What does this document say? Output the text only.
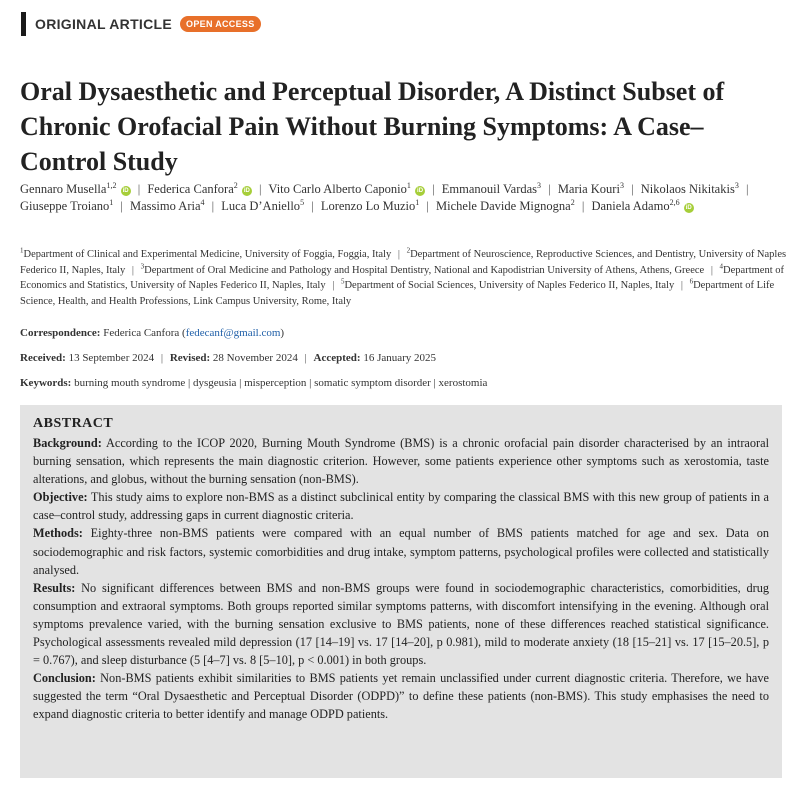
ORIGINAL ARTICLE	OPEN ACCESS
Oral Dysaesthetic and Perceptual Disorder, A Distinct Subset of Chronic Orofacial Pain Without Burning Symptoms: A Case–Control Study
Gennaro Musella$^{1,2}$ iD | Federica Canfora$^2$ iD | Vito Carlo Alberto Caponio$^1$ iD | Emmanouil Vardas$^3$ | Maria Kouri$^3$ | Nikolaos Nikitakis$^3$ | Giuseppe Troiano$^1$ | Massimo Aria$^4$ | Luca D’Aniello$^5$ | Lorenzo Lo Muzio$^1$ | Michele Davide Mignogna$^2$ | Daniela Adamo$^{2,6}$ iD
$^1$Department of Clinical and Experimental Medicine, University of Foggia, Foggia, Italy | $^2$Department of Neuroscience, Reproductive Sciences, and Dentistry, University of Naples Federico II, Naples, Italy | $^3$Department of Oral Medicine and Pathology and Hospital Dentistry, National and Kapodistrian University of Athens, Athens, Greece | $^4$Department of Economics and Statistics, University of Naples Federico II, Naples, Italy | $^5$Department of Social Sciences, University of Naples Federico II, Naples, Italy | $^6$Department of Life Science, Health, and Health Professions, Link Campus University, Rome, Italy
Correspondence: Federica Canfora (fedecanf@gmail.com)
Received: 13 September 2024 | Revised: 28 November 2024 | Accepted: 16 January 2025
Keywords: burning mouth syndrome | dysgeusia | misperception | somatic symptom disorder | xerostomia
ABSTRACT

Background: According to the ICOP 2020, Burning Mouth Syndrome (BMS) is a chronic orofacial pain disorder characterised by an intraoral burning sensation, which represents the main diagnostic criterion. However, some patients experience other symptoms such as xerostomia, taste alterations, and globus, without the burning sensation (non-BMS).

Objective: This study aims to explore non-BMS as a distinct subclinical entity by comparing the classical BMS with this new group of patients in a case–control study, addressing gaps in current diagnostic criteria.

Methods: Eighty-three non-BMS patients were compared with an equal number of BMS patients matched for age and sex. Data on sociodemographic and risk factors, systemic comorbidities and drug intake, symptom patterns, psychological profiles were collected and statistically analysed.

Results: No significant differences between BMS and non-BMS groups were found in sociodemographic characteristics, comorbidities, drug consumption and extraoral symptoms. Both groups reported similar symptoms patterns, with discomfort intensifying in the evening. Although oral symptoms prevalence varied, with the burning sensation exclusive to BMS patients, none of these differences reached statistical significance. Psychological assessments revealed mild depression (17 [14–19] vs. 17 [14–20], p 0.981), mild to moderate anxiety (18 [15–21] vs. 17 [15–20.5], p = 0.767), and sleep disturbance (5 [4–7] vs. 8 [5–10], p < 0.001) in both groups.

Conclusion: Non-BMS patients exhibit similarities to BMS patients yet remain unclassified under current diagnostic criteria. Therefore, we have suggested the term “Oral Dysaesthetic and Perceptual Disorder (ODPD)” to define these patients (non-BMS). This study emphasises the need to expand diagnostic criteria to better identify and manage ODPD patients.
